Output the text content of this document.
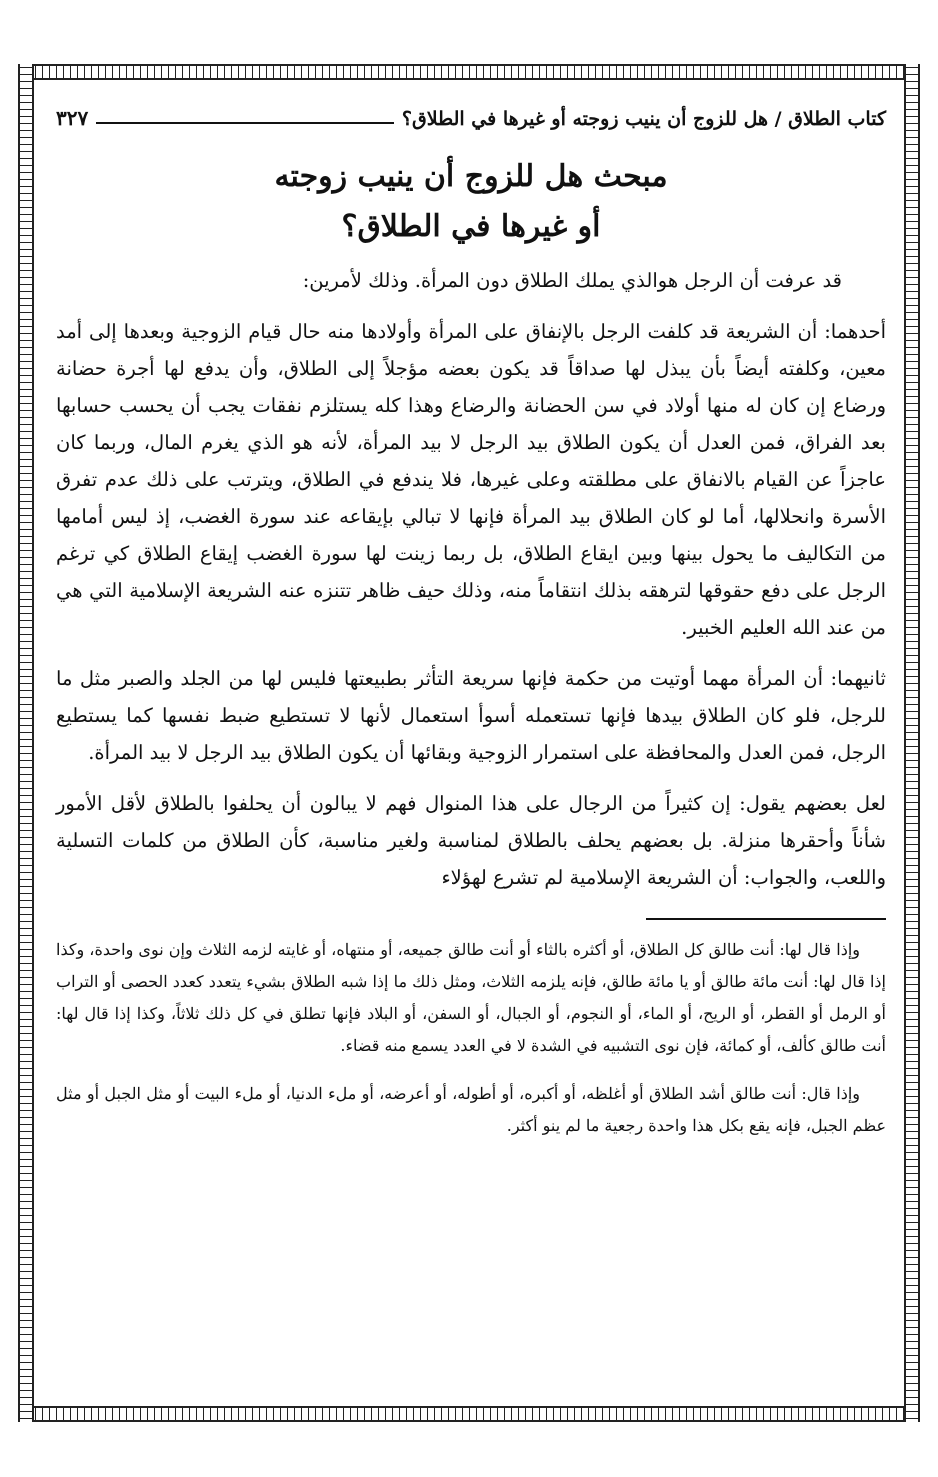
كتاب الطلاق / هل للزوج أن ينيب زوجته أو غيرها في الطلاق؟
٣٢٧
مبحث هل للزوج أن ينيب زوجته
أو غيرها في الطلاق؟

قد عرفت أن الرجل هوالذي يملك الطلاق دون المرأة. وذلك لأمرين:

أحدهما: أن الشريعة قد كلفت الرجل بالإنفاق على المرأة وأولادها منه حال قيام الزوجية وبعدها إلى أمد معين، وكلفته أيضاً بأن يبذل لها صداقاً قد يكون بعضه مؤجلاً إلى الطلاق، وأن يدفع لها أجرة حضانة ورضاع إن كان له منها أولاد في سن الحضانة والرضاع وهذا كله يستلزم نفقات يجب أن يحسب حسابها بعد الفراق، فمن العدل أن يكون الطلاق بيد الرجل لا بيد المرأة، لأنه هو الذي يغرم المال، وربما كان عاجزاً عن القيام بالانفاق على مطلقته وعلى غيرها، فلا يندفع في الطلاق، ويترتب على ذلك عدم تفرق الأسرة وانحلالها، أما لو كان الطلاق بيد المرأة فإنها لا تبالي بإيقاعه عند سورة الغضب، إذ ليس أمامها من التكاليف ما يحول بينها وبين ايقاع الطلاق، بل ربما زينت لها سورة الغضب إيقاع الطلاق كي ترغم الرجل على دفع حقوقها لترهقه بذلك انتقاماً منه، وذلك حيف ظاهر تتنزه عنه الشريعة الإسلامية التي هي من عند الله العليم الخبير.

ثانيهما: أن المرأة مهما أوتيت من حكمة فإنها سريعة التأثر بطبيعتها فليس لها من الجلد والصبر مثل ما للرجل، فلو كان الطلاق بيدها فإنها تستعمله أسوأ استعمال لأنها لا تستطيع ضبط نفسها كما يستطيع الرجل، فمن العدل والمحافظة على استمرار الزوجية وبقائها أن يكون الطلاق بيد الرجل لا بيد المرأة.

لعل بعضهم يقول: إن كثيراً من الرجال على هذا المنوال فهم لا يبالون أن يحلفوا بالطلاق لأقل الأمور شأناً وأحقرها منزلة. بل بعضهم يحلف بالطلاق لمناسبة ولغير مناسبة، كأن الطلاق من كلمات التسلية واللعب، والجواب: أن الشريعة الإسلامية لم تشرع لهؤلاء

وإذا قال لها: أنت طالق كل الطلاق، أو أكثره بالثاء أو أنت طالق جميعه، أو منتهاه، أو غايته لزمه الثلاث وإن نوى واحدة، وكذا إذا قال لها: أنت مائة طالق أو يا مائة طالق، فإنه يلزمه الثلاث، ومثل ذلك ما إذا شبه الطلاق بشيء يتعدد كعدد الحصى أو التراب أو الرمل أو القطر، أو الريح، أو الماء، أو النجوم، أو الجبال، أو السفن، أو البلاد فإنها تطلق في كل ذلك ثلاثاً، وكذا إذا قال لها: أنت طالق كألف، أو كمائة، فإن نوى التشبيه في الشدة لا في العدد يسمع منه قضاء.

وإذا قال: أنت طالق أشد الطلاق أو أغلظه، أو أكبره، أو أطوله، أو أعرضه، أو ملء الدنيا، أو ملء البيت أو مثل الجبل أو مثل عظم الجبل، فإنه يقع بكل هذا واحدة رجعية ما لم ينو أكثر.
